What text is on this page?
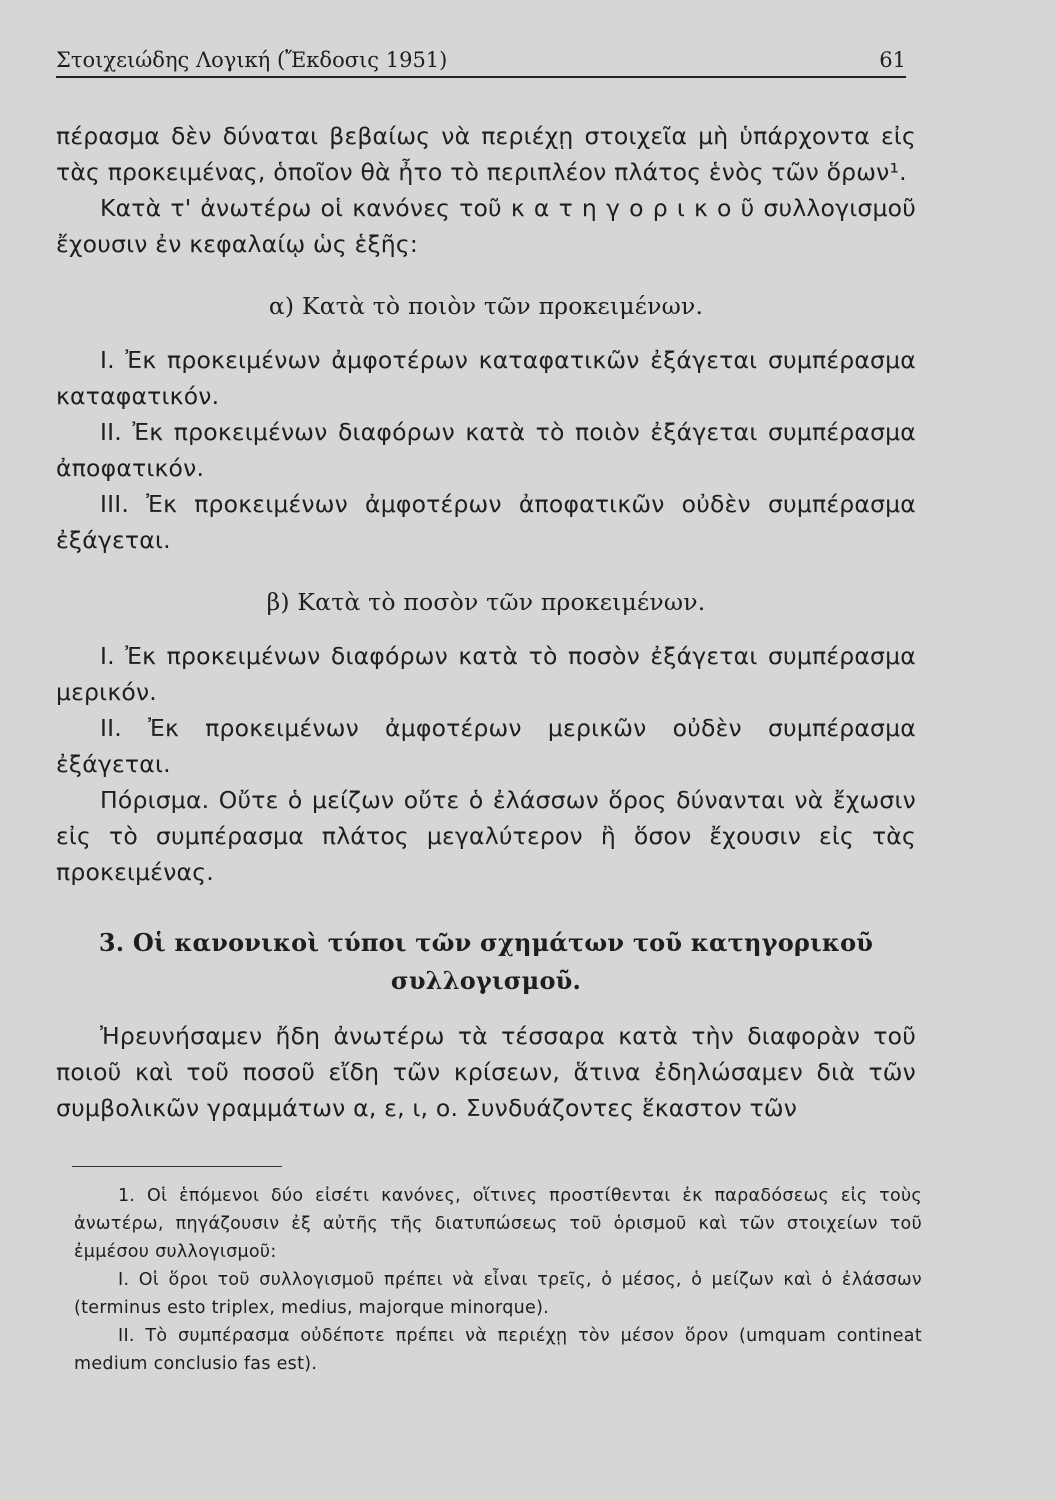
Στοιχειώδης Λογική (Ἔκδοσις 1951)	61

πέρασμα δὲν δύναται βεβαίως νὰ περιέχῃ στοιχεῖα μὴ ὑπάρχοντα εἰς τὰς προκειμένας, ὁποῖον θὰ ἦτο τὸ περιπλέον πλάτος ἑνὸς τῶν ὅρων¹.

Κατὰ τ' ἀνωτέρω οἱ κανόνες τοῦ κ α τ η γ ο ρ ι κ ο ῦ συλλογισμοῦ ἔχουσιν ἐν κεφαλαίῳ ὡς ἑξῆς:

α) Κατὰ τὸ ποιὸν τῶν προκειμένων.

I. Ἐκ προκειμένων ἀμφοτέρων καταφατικῶν ἐξάγεται συμπέρασμα καταφατικόν.

II. Ἐκ προκειμένων διαφόρων κατὰ τὸ ποιὸν ἐξάγεται συμπέρασμα ἀποφατικόν.

III. Ἐκ προκειμένων ἀμφοτέρων ἀποφατικῶν οὐδὲν συμπέρασμα ἐξάγεται.

β) Κατὰ τὸ ποσὸν τῶν προκειμένων.

I. Ἐκ προκειμένων διαφόρων κατὰ τὸ ποσὸν ἐξάγεται συμπέρασμα μερικόν.

II. Ἐκ προκειμένων ἀμφοτέρων μερικῶν οὐδὲν συμπέρασμα ἐξάγεται.

Πόρισμα. Οὔτε ὁ μείζων οὔτε ὁ ἐλάσσων ὅρος δύνανται νὰ ἔχωσιν εἰς τὸ συμπέρασμα πλάτος μεγαλύτερον ἢ ὅσον ἔχουσιν εἰς τὰς προκειμένας.

3. Οἱ κανονικοὶ τύποι τῶν σχημάτων τοῦ κατηγορικοῦ
συλλογισμοῦ.

Ἠρευνήσαμεν ἤδη ἀνωτέρω τὰ τέσσαρα κατὰ τὴν διαφορὰν τοῦ ποιοῦ καὶ τοῦ ποσοῦ εἴδη τῶν κρίσεων, ἅτινα ἐδηλώσαμεν διὰ τῶν συμβολικῶν γραμμάτων α, ε, ι, ο. Συνδυάζοντες ἕκαστον τῶν

1. Οἱ ἑπόμενοι δύο εἰσέτι κανόνες, οἵτινες προστίθενται ἐκ παραδόσεως εἰς τοὺς ἀνωτέρω, πηγάζουσιν ἐξ αὐτῆς τῆς διατυπώσεως τοῦ ὁρισμοῦ καὶ τῶν στοιχείων τοῦ ἐμμέσου συλλογισμοῦ:

I. Οἱ ὅροι τοῦ συλλογισμοῦ πρέπει νὰ εἶναι τρεῖς, ὁ μέσος, ὁ μείζων καὶ ὁ ἐλάσσων (terminus esto triplex, medius, majorque minorque).

II. Τὸ συμπέρασμα οὐδέποτε πρέπει νὰ περιέχῃ τὸν μέσον ὅρον (umquam contineat medium conclusio fas est).
